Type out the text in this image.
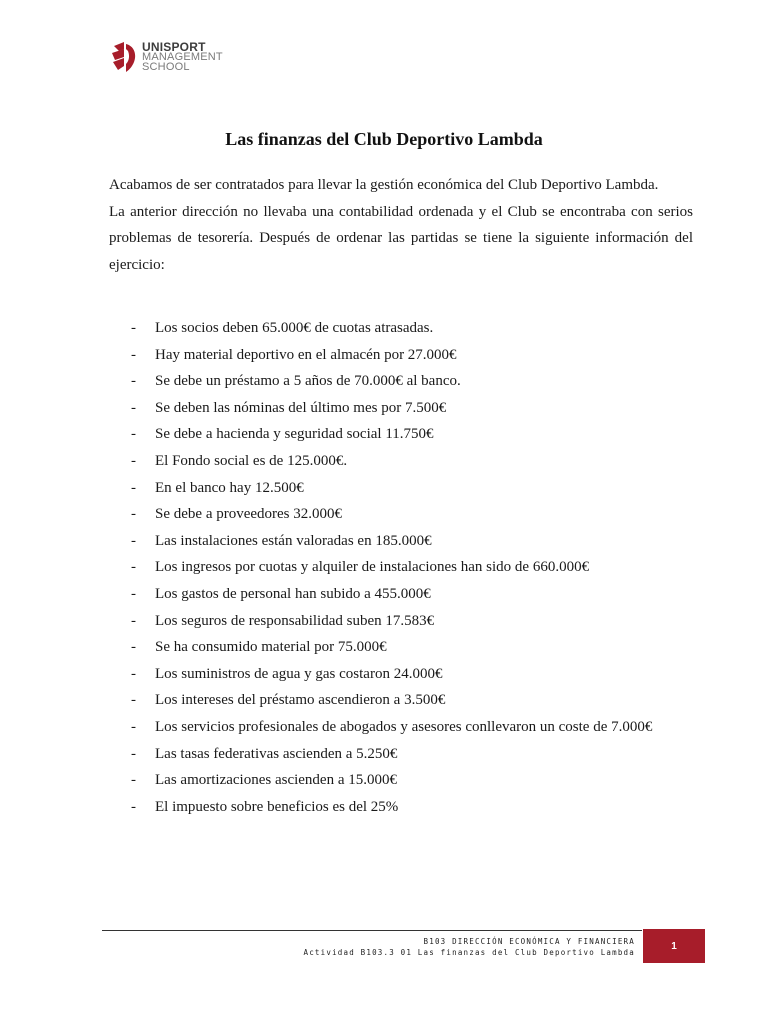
UNISPORT
MANAGEMENT
SCHOOL
Las finanzas del Club Deportivo Lambda

Acabamos de ser contratados para llevar la gestión económica del Club Deportivo Lambda.

La anterior dirección no llevaba una contabilidad ordenada y el Club se encontraba con serios problemas de tesorería. Después de ordenar las partidas se tiene la siguiente información del ejercicio:

- Los socios deben 65.000€ de cuotas atrasadas.
- Hay material deportivo en el almacén por 27.000€
- Se debe un préstamo a 5 años de 70.000€ al banco.
- Se deben las nóminas del último mes por 7.500€
- Se debe a hacienda y seguridad social 11.750€
- El Fondo social es de 125.000€.
- En el banco hay 12.500€
- Se debe a proveedores 32.000€
- Las instalaciones están valoradas en 185.000€
- Los ingresos por cuotas y alquiler de instalaciones han sido de 660.000€
- Los gastos de personal han subido a 455.000€
- Los seguros de responsabilidad suben 17.583€
- Se ha consumido material por 75.000€
- Los suministros de agua y gas costaron 24.000€
- Los intereses del préstamo ascendieron a 3.500€
- Los servicios profesionales de abogados y asesores conllevaron un coste de 7.000€
- Las tasas federativas ascienden a 5.250€
- Las amortizaciones ascienden a 15.000€
- El impuesto sobre beneficios es del 25%
B103 DIRECCIÓN ECONÓMICA Y FINANCIERA
Actividad B103.3 01 Las finanzas del Club Deportivo Lambda
1
